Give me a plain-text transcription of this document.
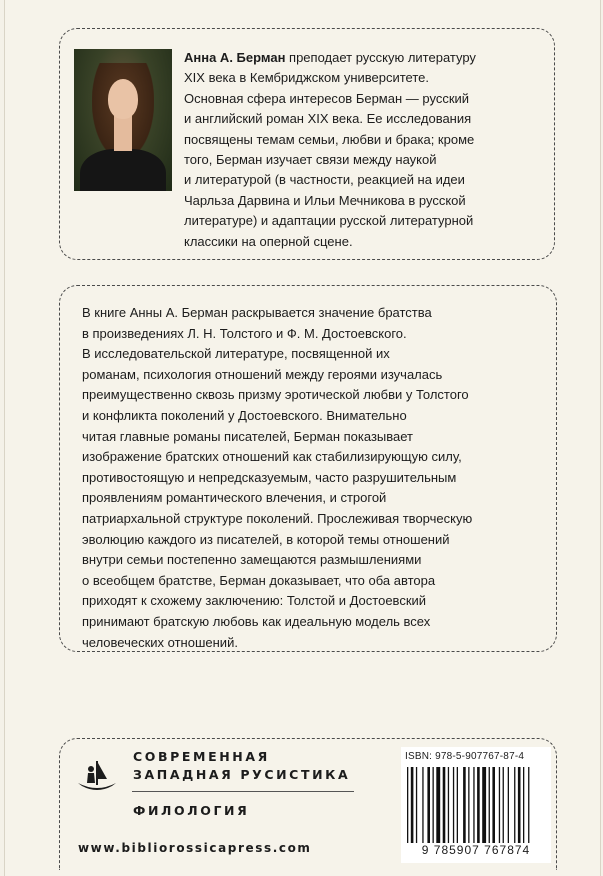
Анна А. Берман преподает русскую литературу
XIX века в Кембриджском университете.
Основная сфера интересов Берман — русский
и английский роман XIX века. Ее исследования
посвящены темам семьи, любви и брака; кроме
того, Берман изучает связи между наукой
и литературой (в частности, реакцией на идеи
Чарльза Дарвина и Ильи Мечникова в русской
литературе) и адаптации русской литературной
классики на оперной сцене.
В книге Анны А. Берман раскрывается значение братства
в произведениях Л. Н. Толстого и Ф. М. Достоевского.
В исследовательской литературе, посвященной их
романам, психология отношений между героями изучалась
преимущественно сквозь призму эротической любви у Толстого
и конфликта поколений у Достоевского. Внимательно
читая главные романы писателей, Берман показывает
изображение братских отношений как стабилизирующую силу,
противостоящую и непредсказуемым, часто разрушительным
проявлениям романтического влечения, и строгой
патриархальной структуре поколений. Прослеживая творческую
эволюцию каждого из писателей, в которой темы отношений
внутри семьи постепенно замещаются размышлениями
о всеобщем братстве, Берман доказывает, что оба автора
приходят к схожему заключению: Толстой и Достоевский
принимают братскую любовь как идеальную модель всех
человеческих отношений.
СОВРЕМЕННАЯ
ЗАПАДНАЯ РУСИСТИКА
ФИЛОЛОГИЯ
www.bibliorossicapress.com
ISBN: 978-5-907767-87-4
9 785907 767874
